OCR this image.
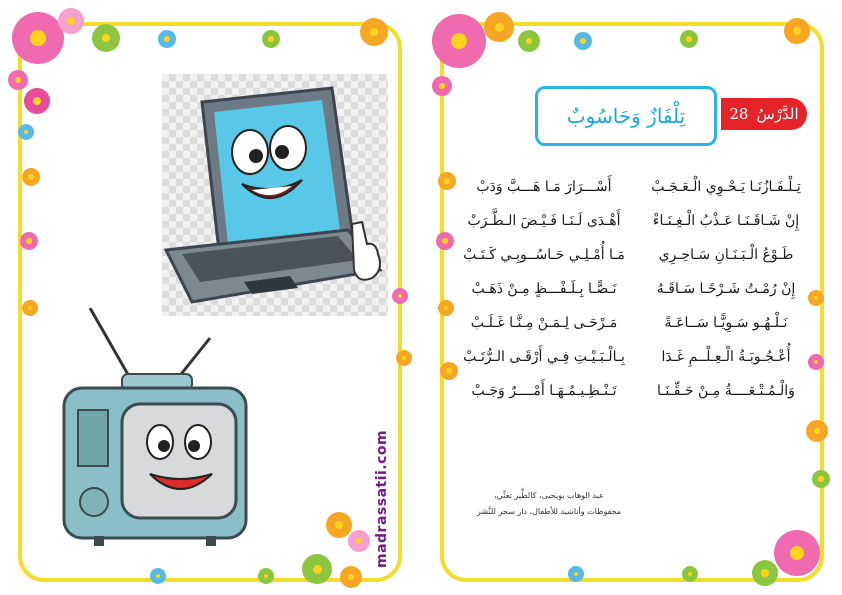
madrassatii.com
الدَّرْسُ
28
تِلْفَازٌ وَحَاسُوبٌ
تِـلْـفَـازُنَـا يَـحْـوِي الْـعَـجَـبْ
أَسْـــرَارَ مَـا هَـــبَّ وَدَبْ
إِنْ شَـاقَـنَـا عَـذْبُ الْـغِـنَـاءْ
أَهْـدَى لَـنَـا فَـيْـضَ الـطَّـرَبْ
طَـوْعُ الْـبَـنَـانِ سَـاحِـرِي
مَـا أُمْـلِـي حَـاسُــوبِـي كَـتَـبْ
إِنْ رُمْـتُ شَـرْحًـا سَـاقَـهُ
نَـصًّـا بِـلَـفْـــظٍ مِـنْ ذَهَـبْ
نَـلْـهُـو سَـوِيًّـا سَــاعَـةً
مَـرْحَـى لِـمَـنْ مِـنَّـا غَـلَـبْ
أُعْـجُـوبَـةُ الْـعِـلْــمِ غَـدَا
بِـالْـبَـيْـتِ فِـي أَرْقَـى الـرُّتَـبْ
وَالْـمُـتْـعَــــةُ مِـنْ حَـقِّـنَـا
تَـنْـظِـيـمُـهَـا أَمْــــرٌ وَجَـبْ
عبد الوهاب بويحيى، كالطَّير تغنِّي،
محفوظات وأناشيد للأطفال، دار سحر للنَّشر
